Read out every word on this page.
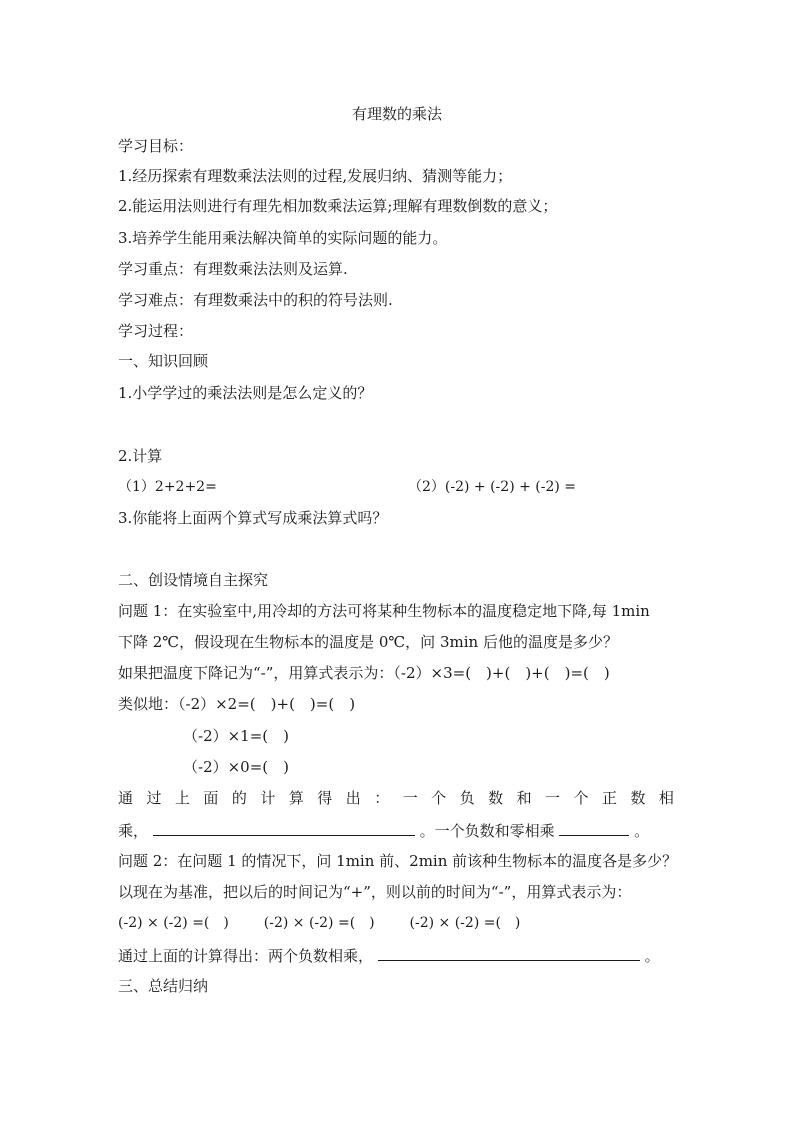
有理数的乘法
学习目标：
1.经历探索有理数乘法法则的过程,发展归纳、猜测等能力；
2.能运用法则进行有理先相加数乘法运算;理解有理数倒数的意义；
3.培养学生能用乘法解决简单的实际问题的能力。
学习重点：有理数乘法法则及运算.
学习难点：有理数乘法中的积的符号法则.
学习过程：
一、知识回顾
1.小学学过的乘法法则是怎么定义的？
2.计算
（1）2+2+2=	（2）(-2) + (-2) + (-2) =
3.你能将上面两个算式写成乘法算式吗？
二、创设情境自主探究
问题 1：在实验室中,用冷却的方法可将某种生物标本的温度稳定地下降,每 1min
下降 2℃，假设现在生物标本的温度是 0℃，问 3min 后他的温度是多少？
如果把温度下降记为“-”，用算式表示为：（-2）×3=(　)+(　)+(　)=(　)
类似地：（-2）×2=(　)+(　)=(　)
（-2）×1=(　)
（-2）×0=(　)
通 过 上 面 的 计 算 得 出 ： 一 个 负 数 和 一 个 正 数 相
乘，	。一个负数和零相乘	。
问题 2：在问题 1 的情况下，问 1min 前、2min 前该种生物标本的温度各是多少？
以现在为基准，把以后的时间记为“+”，则以前的时间为“-”，用算式表示为：
(-2) × (-2) =(　) (-2) × (-2) =(　) (-2) × (-2) =(　)
通过上面的计算得出：两个负数相乘，	。
三、总结归纳
